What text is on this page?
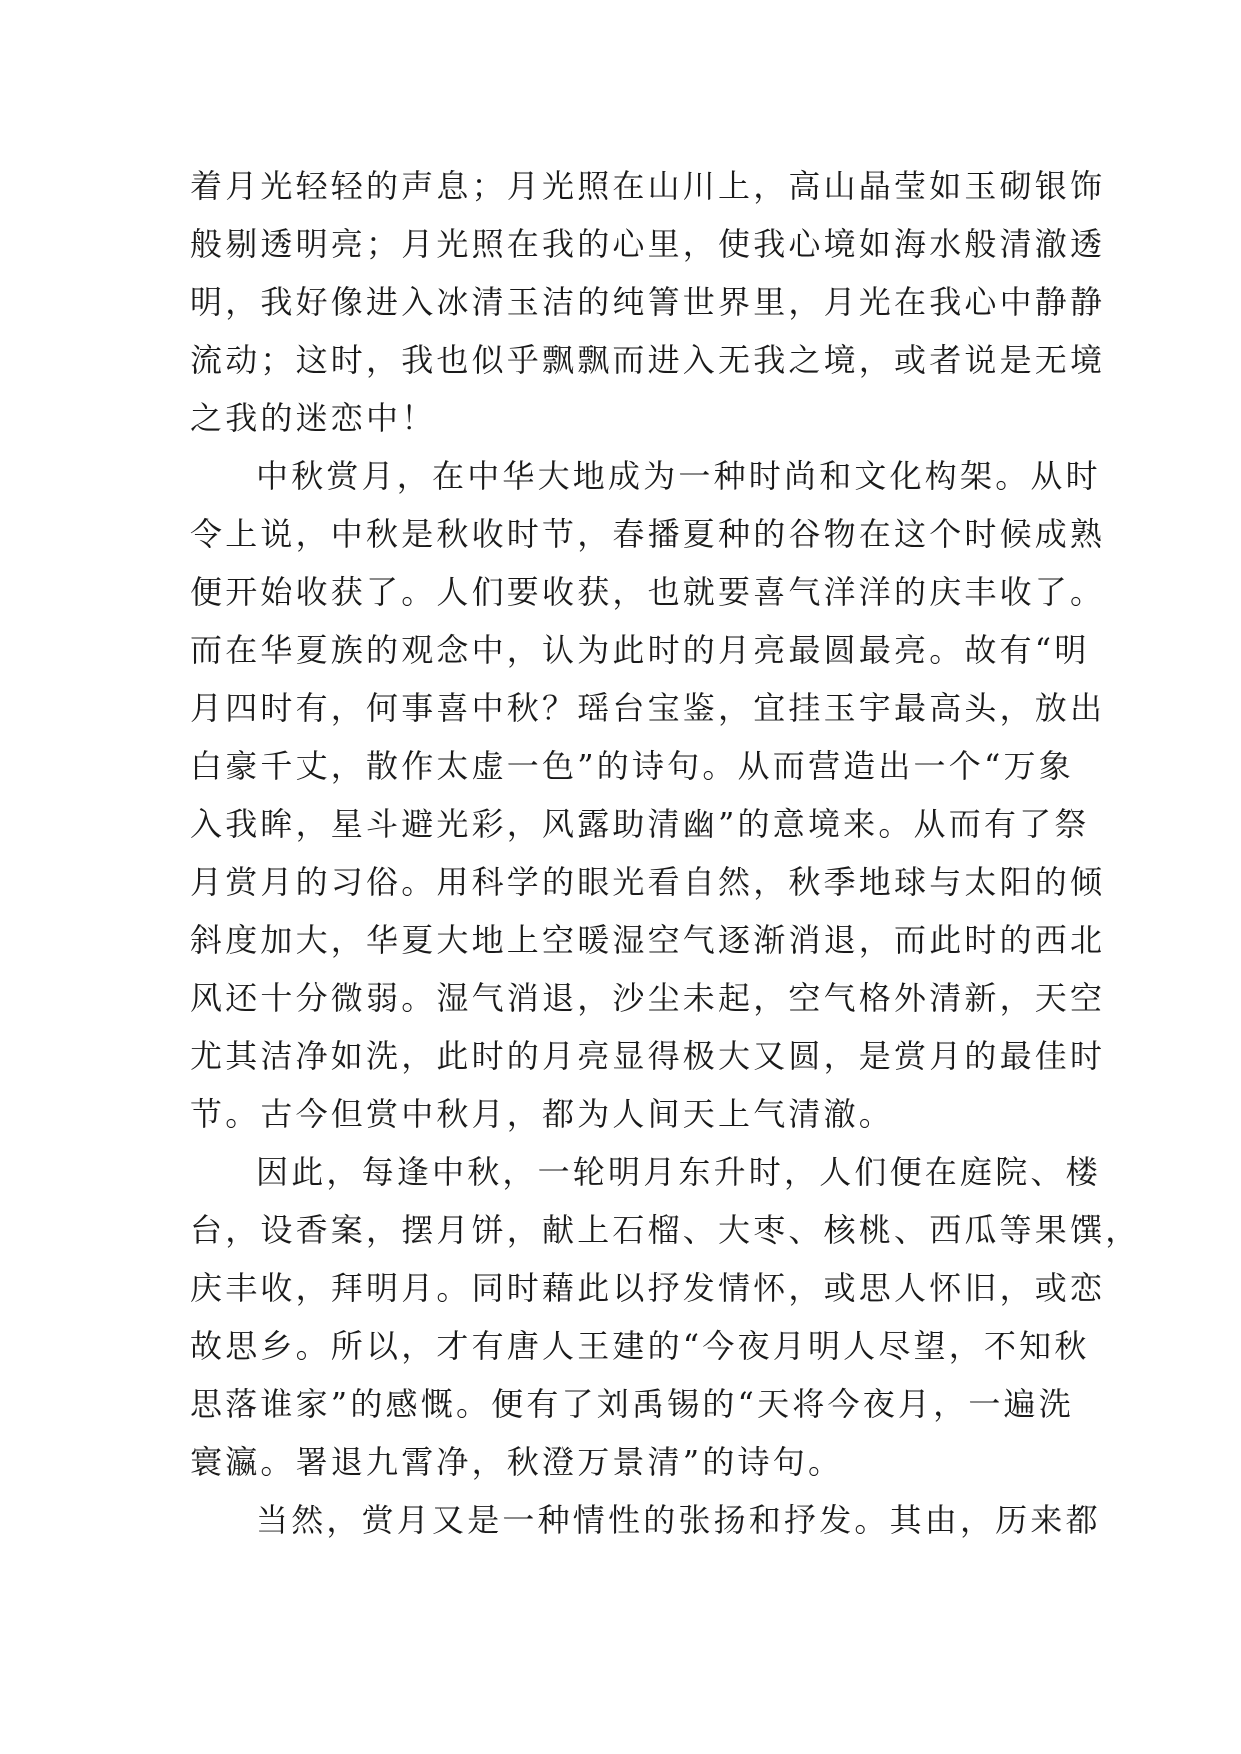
着月光轻轻的声息；月光照在山川上，高山晶莹如玉砌银饰
般剔透明亮；月光照在我的心里，使我心境如海水般清澈透
明，我好像进入冰清玉洁的纯箐世界里，月光在我心中静静
流动；这时，我也似乎飘飘而进入无我之境，或者说是无境
之我的迷恋中！
中秋赏月，在中华大地成为一种时尚和文化构架。从时
令上说，中秋是秋收时节，春播夏种的谷物在这个时候成熟
便开始收获了。人们要收获，也就要喜气洋洋的庆丰收了。
而在华夏族的观念中，认为此时的月亮最圆最亮。故有“明
月四时有，何事喜中秋？瑶台宝鉴，宜挂玉宇最高头，放出
白豪千丈，散作太虚一色”的诗句。从而营造出一个“万象
入我眸，星斗避光彩，风露助清幽”的意境来。从而有了祭
月赏月的习俗。用科学的眼光看自然，秋季地球与太阳的倾
斜度加大，华夏大地上空暖湿空气逐渐消退，而此时的西北
风还十分微弱。湿气消退，沙尘未起，空气格外清新，天空
尤其洁净如洗，此时的月亮显得极大又圆，是赏月的最佳时
节。古今但赏中秋月，都为人间天上气清澈。
因此，每逢中秋，一轮明月东升时，人们便在庭院、楼
台，设香案，摆月饼，献上石榴、大枣、核桃、西瓜等果馔，
庆丰收，拜明月。同时藉此以抒发情怀，或思人怀旧，或恋
故思乡。所以，才有唐人王建的“今夜月明人尽望，不知秋
思落谁家”的感慨。便有了刘禹锡的“天将今夜月，一遍洗
寰瀛。署退九霄净，秋澄万景清”的诗句。
当然，赏月又是一种情性的张扬和抒发。其由，历来都
